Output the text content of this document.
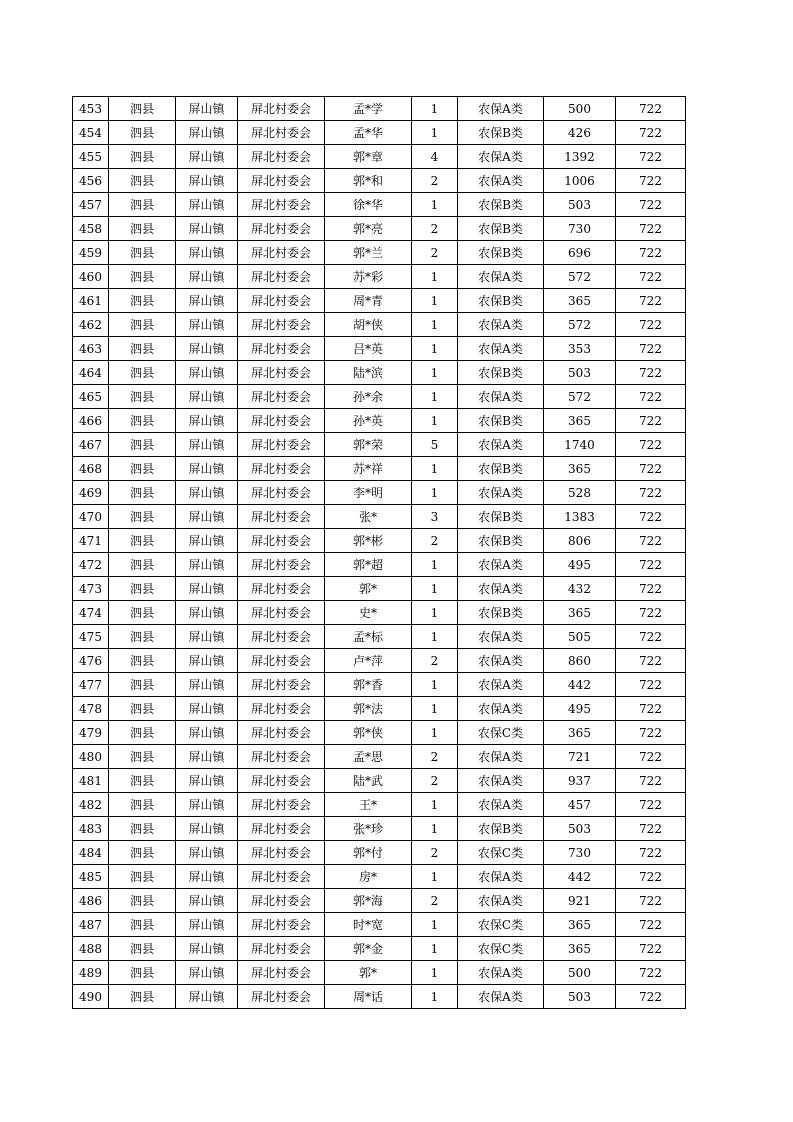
453	泗县	屏山镇	屏北村委会	孟*学	1	农保A类	500	722
454	泗县	屏山镇	屏北村委会	孟*华	1	农保B类	426	722
455	泗县	屏山镇	屏北村委会	郭*章	4	农保A类	1392	722
456	泗县	屏山镇	屏北村委会	郭*和	2	农保A类	1006	722
457	泗县	屏山镇	屏北村委会	徐*华	1	农保B类	503	722
458	泗县	屏山镇	屏北村委会	郭*亮	2	农保B类	730	722
459	泗县	屏山镇	屏北村委会	郭*兰	2	农保B类	696	722
460	泗县	屏山镇	屏北村委会	苏*彩	1	农保A类	572	722
461	泗县	屏山镇	屏北村委会	周*青	1	农保B类	365	722
462	泗县	屏山镇	屏北村委会	胡*侠	1	农保A类	572	722
463	泗县	屏山镇	屏北村委会	吕*英	1	农保A类	353	722
464	泗县	屏山镇	屏北村委会	陆*滨	1	农保B类	503	722
465	泗县	屏山镇	屏北村委会	孙*余	1	农保A类	572	722
466	泗县	屏山镇	屏北村委会	孙*英	1	农保B类	365	722
467	泗县	屏山镇	屏北村委会	郭*荣	5	农保A类	1740	722
468	泗县	屏山镇	屏北村委会	苏*祥	1	农保B类	365	722
469	泗县	屏山镇	屏北村委会	李*明	1	农保A类	528	722
470	泗县	屏山镇	屏北村委会	张*	3	农保B类	1383	722
471	泗县	屏山镇	屏北村委会	郭*彬	2	农保B类	806	722
472	泗县	屏山镇	屏北村委会	郭*超	1	农保A类	495	722
473	泗县	屏山镇	屏北村委会	郭*	1	农保A类	432	722
474	泗县	屏山镇	屏北村委会	史*	1	农保B类	365	722
475	泗县	屏山镇	屏北村委会	孟*标	1	农保A类	505	722
476	泗县	屏山镇	屏北村委会	卢*萍	2	农保A类	860	722
477	泗县	屏山镇	屏北村委会	郭*香	1	农保A类	442	722
478	泗县	屏山镇	屏北村委会	郭*法	1	农保A类	495	722
479	泗县	屏山镇	屏北村委会	郭*侠	1	农保C类	365	722
480	泗县	屏山镇	屏北村委会	孟*思	2	农保A类	721	722
481	泗县	屏山镇	屏北村委会	陆*武	2	农保A类	937	722
482	泗县	屏山镇	屏北村委会	王*	1	农保A类	457	722
483	泗县	屏山镇	屏北村委会	张*珍	1	农保B类	503	722
484	泗县	屏山镇	屏北村委会	郭*付	2	农保C类	730	722
485	泗县	屏山镇	屏北村委会	房*	1	农保A类	442	722
486	泗县	屏山镇	屏北村委会	郭*海	2	农保A类	921	722
487	泗县	屏山镇	屏北村委会	时*宽	1	农保C类	365	722
488	泗县	屏山镇	屏北村委会	郭*金	1	农保C类	365	722
489	泗县	屏山镇	屏北村委会	郭*	1	农保A类	500	722
490	泗县	屏山镇	屏北村委会	周*话	1	农保A类	503	722
